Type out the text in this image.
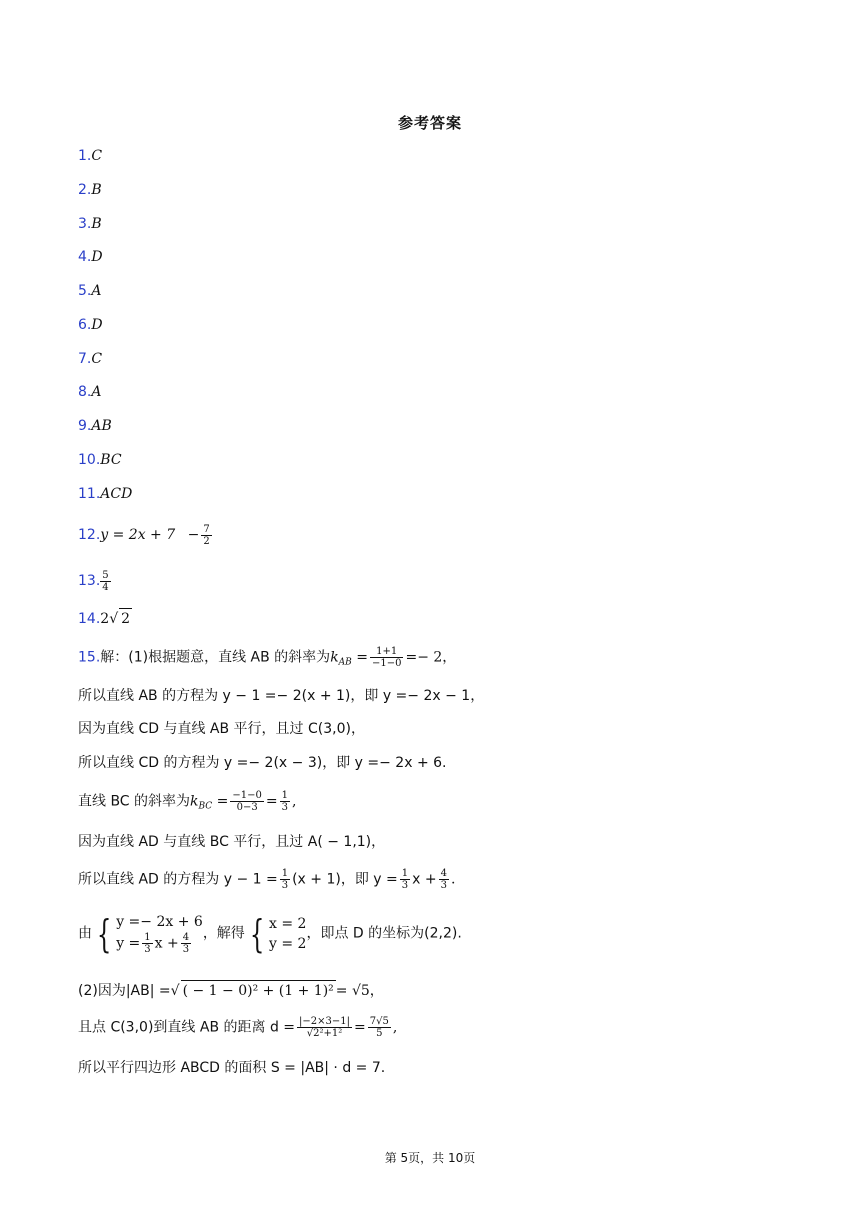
参考答案
1.C
2.B
3.B
4.D
5.A
6.D
7.C
8.A
9.AB
10.BC
11.ACD
$12.y = 2x + 7 - \frac{7}{2}$
13. $\frac{5}{4}$
14.2√ 2
15.解：(1)根据题意，直线 AB 的斜率为$k_{AB} = \frac{1+1}{-1-0} =- 2$，
所以直线 AB 的方程为 y − 1 =− 2(x + 1)，即 y =− 2x − 1，
因为直线 CD 与直线 AB 平行，且过 C(3,0)，
所以直线 CD 的方程为 y =− 2(x − 3)，即 y =− 2x + 6.
直线 BC 的斜率为$k_{BC} = \frac{-1-0}{0-3} = \frac{1}{3}$ ,
因为直线 AD 与直线 BC 平行，且过 A( − 1,1)，
所以直线 AD 的方程为 $y - 1 = \frac{1}{3} (x + 1)$，即 $y = \frac{1}{3}$ $x + \frac{4}{3}$ .
由 { y =− 2x + 6
$y = \frac{1}{3}$ $x + \frac{4}{3}$ ，解得 { x = 2
y = 2
，即点 D 的坐标为(2,2).
(2)因为|AB| =√ ( − 1 − 0)² + (1 + 1)² = √5，
且点 C(3,0)到直线 AB 的距离 $d = \frac{|-2\times 3-1|}{\text{√2²+1²}} = \frac{7√5}{5}$ ,
所以平行四边形 ABCD 的面积 S = |AB| · d = 7.
第 5页，共 10页
